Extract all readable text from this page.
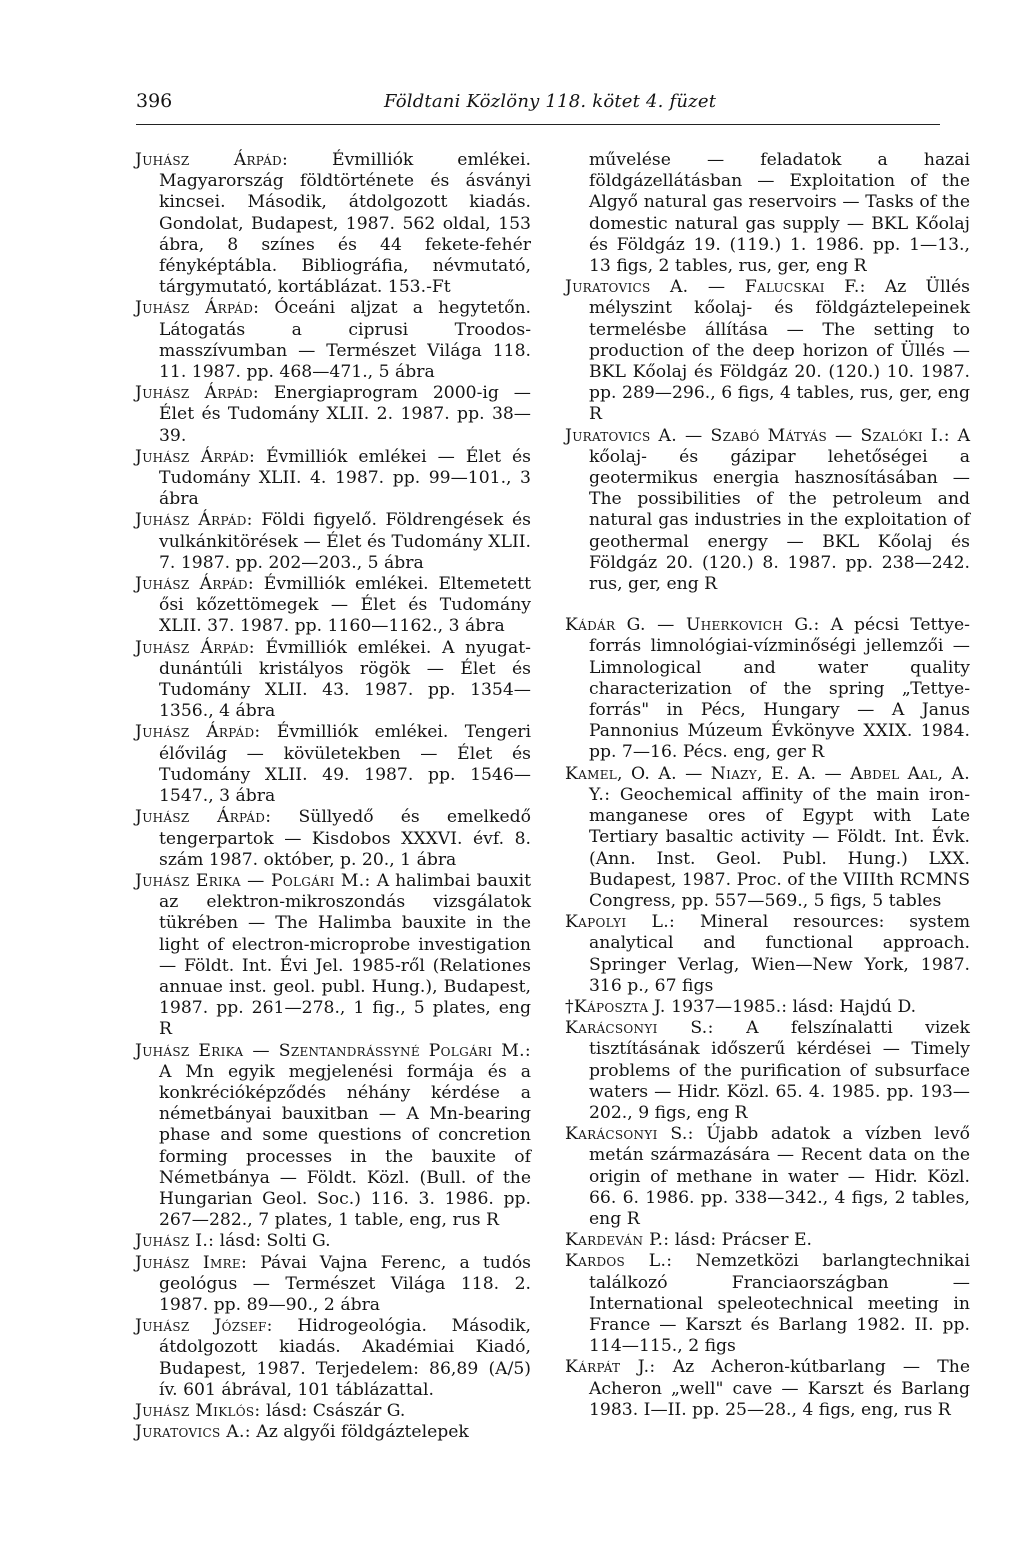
396	Földtani Közlöny 118. kötet 4. füzet

Juhász Árpád: Évmilliók emlékei. Magyarország földtörténete és ásványi kincsei. Második, átdolgozott kiadás. Gondolat, Budapest, 1987. 562 oldal, 153 ábra, 8 színes és 44 fekete-fehér fényképtábla. Bibliográfia, névmutató, tárgymutató, kortáblázat. 153.-Ft

Juhász Árpád: Óceáni aljzat a hegytetőn. Látogatás a ciprusi Troodos-masszívumban — Természet Világa 118. 11. 1987. pp. 468—471., 5 ábra

Juhász Árpád: Energiaprogram 2000-ig — Élet és Tudomány XLII. 2. 1987. pp. 38—39.

Juhász Árpád: Évmilliók emlékei — Élet és Tudomány XLII. 4. 1987. pp. 99—101., 3 ábra

Juhász Árpád: Földi figyelő. Földrengések és vulkánkitörések — Élet és Tudomány XLII. 7. 1987. pp. 202—203., 5 ábra

Juhász Árpád: Évmilliók emlékei. Eltemetett ősi kőzettömegek — Élet és Tudomány XLII. 37. 1987. pp. 1160—1162., 3 ábra

Juhász Árpád: Évmilliók emlékei. A nyugat-dunántúli kristályos rögök — Élet és Tudomány XLII. 43. 1987. pp. 1354—1356., 4 ábra

Juhász Árpád: Évmilliók emlékei. Tengeri élővilág — kövületekben — Élet és Tudomány XLII. 49. 1987. pp. 1546—1547., 3 ábra

Juhász Árpád: Süllyedő és emelkedő tengerpartok — Kisdobos XXXVI. évf. 8. szám 1987. október, p. 20., 1 ábra

Juhász Erika — Polgári M.: A halimbai bauxit az elektron-mikroszondás vizsgálatok tükrében — The Halimba bauxite in the light of electron-microprobe investigation — Földt. Int. Évi Jel. 1985-ről (Relationes annuae inst. geol. publ. Hung.), Budapest, 1987. pp. 261—278., 1 fig., 5 plates, eng R

Juhász Erika — Szentandrássyné Polgári M.: A Mn egyik megjelenési formája és a konkrécióképződés néhány kérdése a németbányai bauxitban — A Mn-bearing phase and some questions of concretion forming processes in the bauxite of Németbánya — Földt. Közl. (Bull. of the Hungarian Geol. Soc.) 116. 3. 1986. pp. 267—282., 7 plates, 1 table, eng, rus R

Juhász I.: lásd: Solti G.

Juhász Imre: Pávai Vajna Ferenc, a tudós geológus — Természet Világa 118. 2. 1987. pp. 89—90., 2 ábra

Juhász József: Hidrogeológia. Második, átdolgozott kiadás. Akadémiai Kiadó, Budapest, 1987. Terjedelem: 86,89 (A/5) ív. 601 ábrával, 101 táblázattal.

Juhász Miklós: lásd: Császár G.

Juratovics A.: Az algyői földgáztelepek

művelése — feladatok a hazai földgázellátásban — Exploitation of the Algyő natural gas reservoirs — Tasks of the domestic natural gas supply — BKL Kőolaj és Földgáz 19. (119.) 1. 1986. pp. 1—13., 13 figs, 2 tables, rus, ger, eng R

Juratovics A. — Falucskai F.: Az Üllés mélyszint kőolaj- és földgáztelepeinek termelésbe állítása — The setting to production of the deep horizon of Üllés — BKL Kőolaj és Földgáz 20. (120.) 10. 1987. pp. 289—296., 6 figs, 4 tables, rus, ger, eng R

Juratovics A. — Szabó Mátyás — Szalóki I.: A kőolaj- és gázipar lehetőségei a geotermikus energia hasznosításában — The possibilities of the petroleum and natural gas industries in the exploitation of geothermal energy — BKL Kőolaj és Földgáz 20. (120.) 8. 1987. pp. 238—242. rus, ger, eng R

Kádár G. — Uherkovich G.: A pécsi Tettye-forrás limnológiai-vízminőségi jellemzői — Limnological and water quality characterization of the spring „Tettye-forrás" in Pécs, Hungary — A Janus Pannonius Múzeum Évkönyve XXIX. 1984. pp. 7—16. Pécs. eng, ger R

Kamel, O. A. — Niazy, E. A. — Abdel Aal, A. Y.: Geochemical affinity of the main iron-manganese ores of Egypt with Late Tertiary basaltic activity — Földt. Int. Évk. (Ann. Inst. Geol. Publ. Hung.) LXX. Budapest, 1987. Proc. of the VIIIth RCMNS Congress, pp. 557—569., 5 figs, 5 tables

Kapolyi L.: Mineral resources: system analytical and functional approach. Springer Verlag, Wien—New York, 1987. 316 p., 67 figs

†Káposzta J. 1937—1985.: lásd: Hajdú D.

Karácsonyi S.: A felszínalatti vizek tisztításának időszerű kérdései — Timely problems of the purification of subsurface waters — Hidr. Közl. 65. 4. 1985. pp. 193—202., 9 figs, eng R

Karácsonyi S.: Újabb adatok a vízben levő metán származására — Recent data on the origin of methane in water — Hidr. Közl. 66. 6. 1986. pp. 338—342., 4 figs, 2 tables, eng R

Kardeván P.: lásd: Prácser E.

Kardos L.: Nemzetközi barlangtechnikai találkozó Franciaországban — International speleotechnical meeting in France — Karszt és Barlang 1982. II. pp. 114—115., 2 figs

Kárpát J.: Az Acheron-kútbarlang — The Acheron „well" cave — Karszt és Barlang 1983. I—II. pp. 25—28., 4 figs, eng, rus R
